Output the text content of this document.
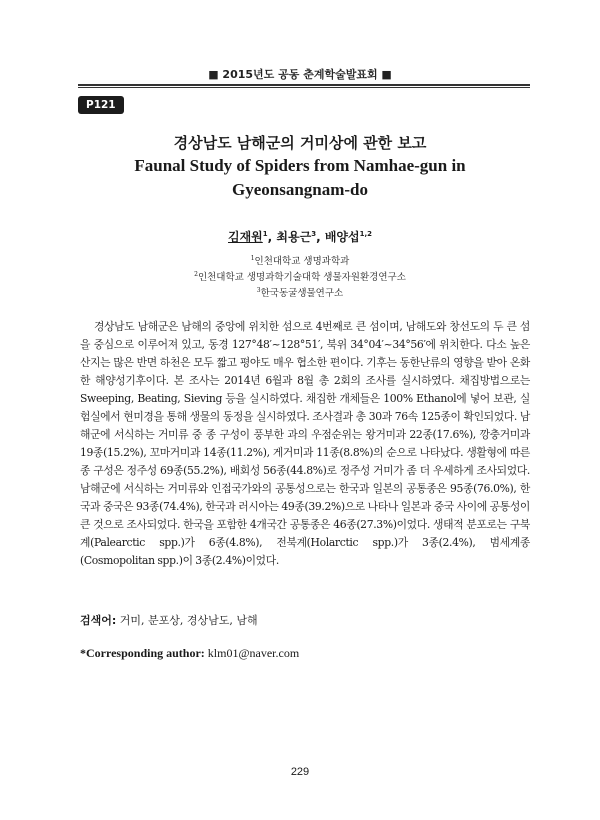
■ 2015년도 공동 춘계학술발표회 ■
P121
경상남도 남해군의 거미상에 관한 보고
Faunal Study of Spiders from Namhae-gun in Gyeonsangnam-do
김재원$^1$, 최용근$^3$, 배양섭$^{1,2}$
$^1$인천대학교 생명과학과
$^2$인천대학교 생명과학기술대학 생물자원환경연구소
$^3$한국동굴생물연구소

경상남도 남해군은 남해의 중앙에 위치한 섬으로 4번째로 큰 섬이며, 남해도와 창선도의 두 큰 섬을 중심으로 이루어져 있고, 동경 127°48′~128°51′, 북위 34°04′~34°56′에 위치한다. 다소 높은 산지는 많은 반면 하천은 모두 짧고 평야도 매우 협소한 편이다. 기후는 동한난류의 영향을 받아 온화한 해양성기후이다. 본 조사는 2014년 6월과 8월 총 2회의 조사를 실시하였다. 채집방법으로는 Sweeping, Beating, Sieving 등을 실시하였다. 채집한 개체들은 100% Ethanol에 넣어 보관, 실험실에서 현미경을 통해 생물의 동정을 실시하였다. 조사결과 총 30과 76속 125종이 확인되었다. 남해군에 서식하는 거미류 중 종 구성이 풍부한 과의 우점순위는 왕거미과 22종(17.6%), 깡충거미과 19종(15.2%), 꼬마거미과 14종(11.2%), 게거미과 11종(8.8%)의 순으로 나타났다. 생활형에 따른 종 구성은 정주성 69종(55.2%), 배회성 56종(44.8%)로 정주성 거미가 좀 더 우세하게 조사되었다. 남해군에 서식하는 거미류와 인접국가와의 공통성으로는 한국과 일본의 공통종은 95종(76.0%), 한국과 중국은 93종(74.4%), 한국과 러시아는 49종(39.2%)으로 나타나 일본과 중국 사이에 공통성이 큰 것으로 조사되었다. 한국을 포함한 4개국간 공통종은 46종(27.3%)이었다. 생태적 분포로는 구북계(Palearctic spp.)가 6종(4.8%), 전북계(Holarctic spp.)가 3종(2.4%), 범세계종(Cosmopolitan spp.)이 3종(2.4%)이었다.

검색어: 거미, 분포상, 경상남도, 남해
*Corresponding author: klm01@naver.com
229
